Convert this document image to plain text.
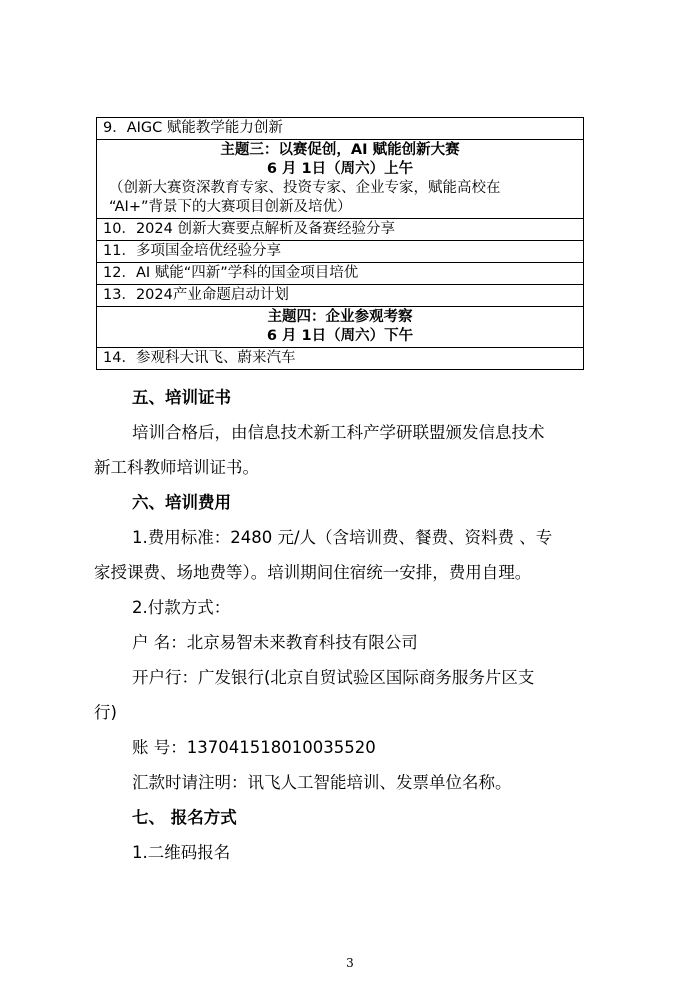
9．AIGC 赋能教学能力创新

主题三：以赛促创，AI 赋能创新大赛
6 月 1日（周六）上午
（创新大赛资深教育专家、投资专家、企业专家，赋能高校在
“AI+”背景下的大赛项目创新及培优）

10．2024 创新大赛要点解析及备赛经验分享
11．多项国金培优经验分享
12．AI 赋能“四新”学科的国金项目培优
13．2024产业命题启动计划

主题四：企业参观考察
6 月 1日（周六）下午

14．参观科大讯飞、蔚来汽车

五、培训证书

培训合格后，由信息技术新工科产学研联盟颁发信息技术

新工科教师培训证书。

六、培训费用

1.费用标准：2480 元/人（含培训费、餐费、资料费 、专

家授课费、场地费等）。培训期间住宿统一安排，费用自理。

2.付款方式：

户 名：北京易智未来教育科技有限公司

开户行：广发银行(北京自贸试验区国际商务服务片区支

行)

账 号：137041518010035520

汇款时请注明：讯飞人工智能培训、发票单位名称。

七、 报名方式

1.二维码报名

3
